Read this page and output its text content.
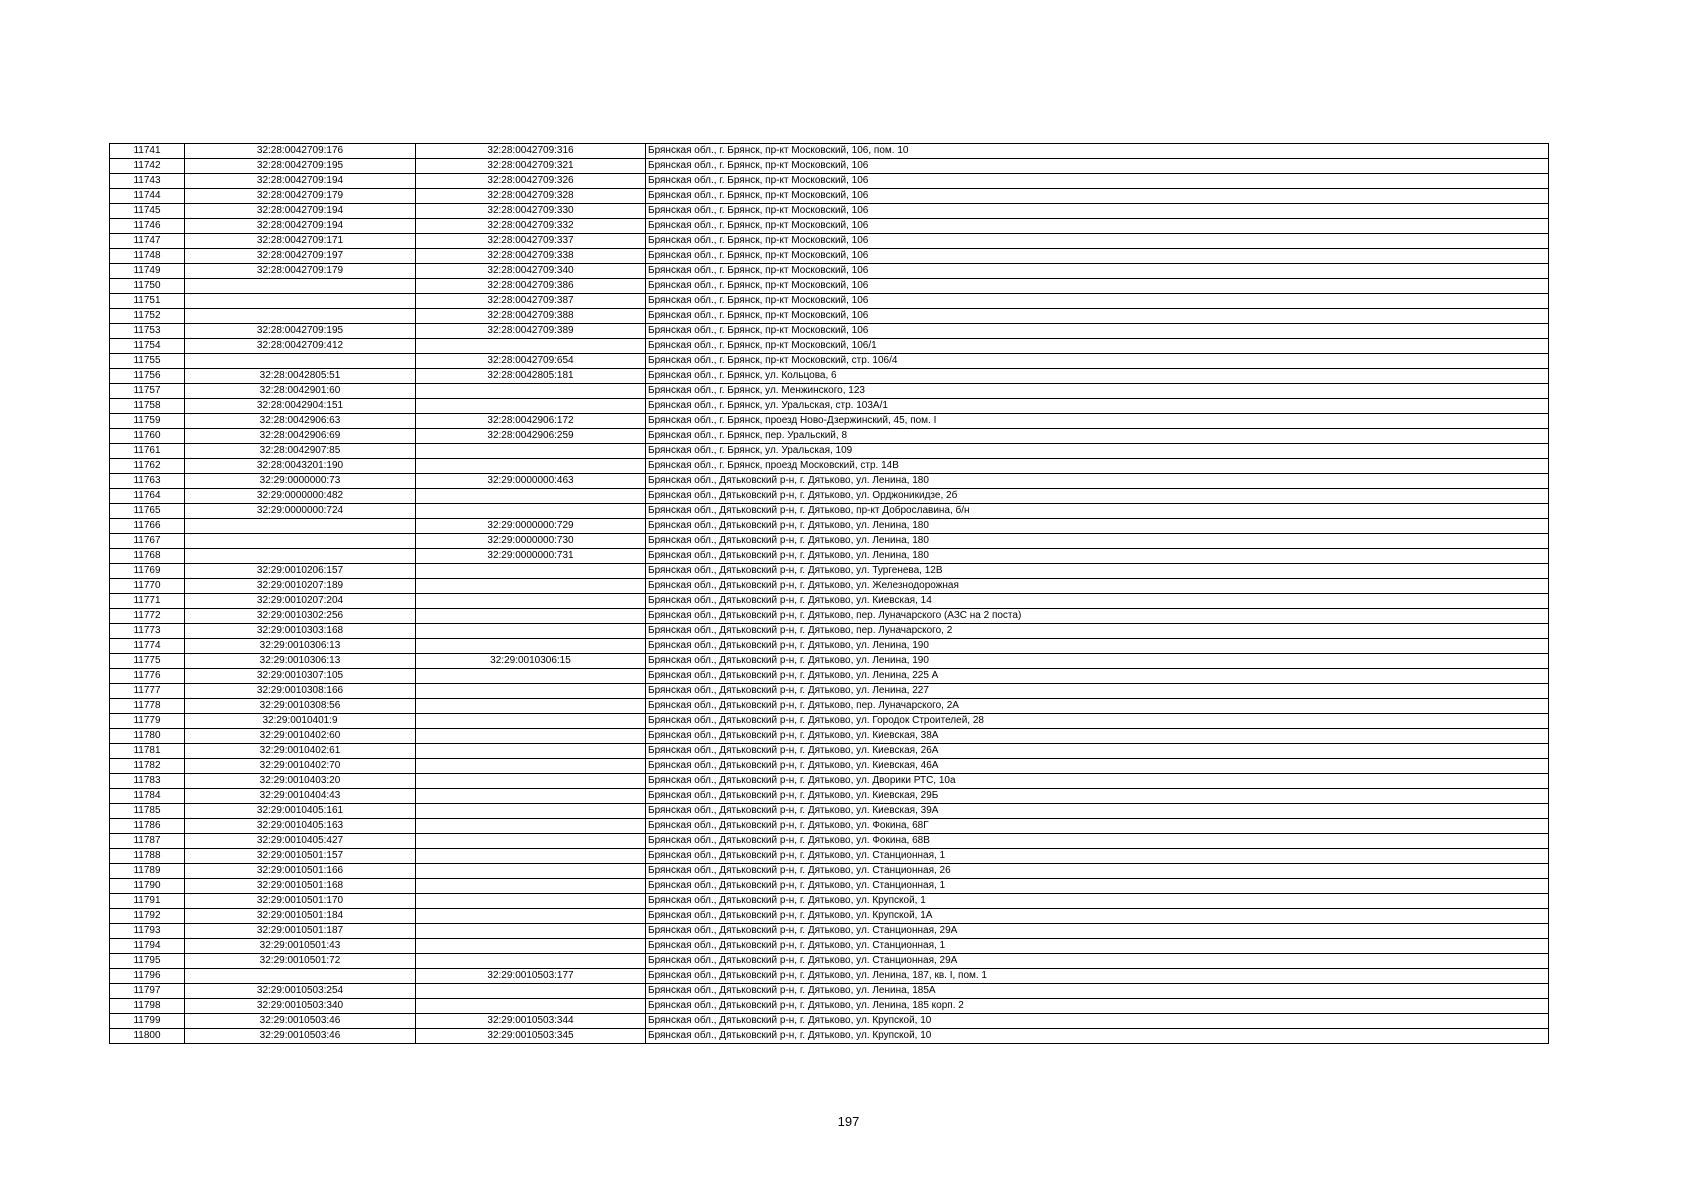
11741	32:28:0042709:176	32:28:0042709:316	Брянская обл., г. Брянск, пр-кт Московский, 106, пом. 10
11742	32:28:0042709:195	32:28:0042709:321	Брянская обл., г. Брянск, пр-кт Московский, 106
11743	32:28:0042709:194	32:28:0042709:326	Брянская обл., г. Брянск, пр-кт Московский, 106
11744	32:28:0042709:179	32:28:0042709:328	Брянская обл., г. Брянск, пр-кт Московский, 106
11745	32:28:0042709:194	32:28:0042709:330	Брянская обл., г. Брянск, пр-кт Московский, 106
11746	32:28:0042709:194	32:28:0042709:332	Брянская обл., г. Брянск, пр-кт Московский, 106
11747	32:28:0042709:171	32:28:0042709:337	Брянская обл., г. Брянск, пр-кт Московский, 106
11748	32:28:0042709:197	32:28:0042709:338	Брянская обл., г. Брянск, пр-кт Московский, 106
11749	32:28:0042709:179	32:28:0042709:340	Брянская обл., г. Брянск, пр-кт Московский, 106
11750		32:28:0042709:386	Брянская обл., г. Брянск, пр-кт Московский, 106
11751		32:28:0042709:387	Брянская обл., г. Брянск, пр-кт Московский, 106
11752		32:28:0042709:388	Брянская обл., г. Брянск, пр-кт Московский, 106
11753	32:28:0042709:195	32:28:0042709:389	Брянская обл., г. Брянск, пр-кт Московский, 106
11754	32:28:0042709:412		Брянская обл., г. Брянск, пр-кт Московский, 106/1
11755		32:28:0042709:654	Брянская обл., г. Брянск, пр-кт Московский, стр. 106/4
11756	32:28:0042805:51	32:28:0042805:181	Брянская обл., г. Брянск, ул. Кольцова, 6
11757	32:28:0042901:60		Брянская обл., г. Брянск, ул. Менжинского, 123
11758	32:28:0042904:151		Брянская обл., г. Брянск, ул. Уральская, стр. 103А/1
11759	32:28:0042906:63	32:28:0042906:172	Брянская обл., г. Брянск, проезд Ново-Дзержинский, 45, пом. I
11760	32:28:0042906:69	32:28:0042906:259	Брянская обл., г. Брянск, пер. Уральский, 8
11761	32:28:0042907:85		Брянская обл., г. Брянск, ул. Уральская, 109
11762	32:28:0043201:190		Брянская обл., г. Брянск, проезд Московский, стр. 14В
11763	32:29:0000000:73	32:29:0000000:463	Брянская обл., Дятьковский р-н, г. Дятьково, ул. Ленина, 180
11764	32:29:0000000:482		Брянская обл., Дятьковский р-н, г. Дятьково, ул. Орджоникидзе, 2б
11765	32:29:0000000:724		Брянская обл., Дятьковский р-н, г. Дятьково, пр-кт Доброславина, б/н
11766		32:29:0000000:729	Брянская обл., Дятьковский р-н, г. Дятьково, ул. Ленина, 180
11767		32:29:0000000:730	Брянская обл., Дятьковский р-н, г. Дятьково, ул. Ленина, 180
11768		32:29:0000000:731	Брянская обл., Дятьковский р-н, г. Дятьково, ул. Ленина, 180
11769	32:29:0010206:157		Брянская обл., Дятьковский р-н, г. Дятьково, ул. Тургенева, 12В
11770	32:29:0010207:189		Брянская обл., Дятьковский р-н, г. Дятьково, ул. Железнодорожная
11771	32:29:0010207:204		Брянская обл., Дятьковский р-н, г. Дятьково, ул. Киевская, 14
11772	32:29:0010302:256		Брянская обл., Дятьковский р-н, г. Дятьково, пер. Луначарского (АЗС на 2 поста)
11773	32:29:0010303:168		Брянская обл., Дятьковский р-н, г. Дятьково, пер. Луначарского, 2
11774	32:29:0010306:13		Брянская обл., Дятьковский р-н, г. Дятьково, ул. Ленина, 190
11775	32:29:0010306:13	32:29:0010306:15	Брянская обл., Дятьковский р-н, г. Дятьково, ул. Ленина, 190
11776	32:29:0010307:105		Брянская обл., Дятьковский р-н, г. Дятьково, ул. Ленина, 225 А
11777	32:29:0010308:166		Брянская обл., Дятьковский р-н, г. Дятьково, ул. Ленина, 227
11778	32:29:0010308:56		Брянская обл., Дятьковский р-н, г. Дятьково, пер. Луначарского, 2А
11779	32:29:0010401:9		Брянская обл., Дятьковский р-н, г. Дятьково, ул. Городок Строителей, 28
11780	32:29:0010402:60		Брянская обл., Дятьковский р-н, г. Дятьково, ул. Киевская, 38А
11781	32:29:0010402:61		Брянская обл., Дятьковский р-н, г. Дятьково, ул. Киевская, 26А
11782	32:29:0010402:70		Брянская обл., Дятьковский р-н, г. Дятьково, ул. Киевская, 46А
11783	32:29:0010403:20		Брянская обл., Дятьковский р-н, г. Дятьково, ул. Дворики РТС, 10а
11784	32:29:0010404:43		Брянская обл., Дятьковский р-н, г. Дятьково, ул. Киевская, 29Б
11785	32:29:0010405:161		Брянская обл., Дятьковский р-н, г. Дятьково, ул. Киевская, 39А
11786	32:29:0010405:163		Брянская обл., Дятьковский р-н, г. Дятьково, ул. Фокина, 68Г
11787	32:29:0010405:427		Брянская обл., Дятьковский р-н, г. Дятьково, ул. Фокина, 68В
11788	32:29:0010501:157		Брянская обл., Дятьковский р-н, г. Дятьково, ул. Станционная, 1
11789	32:29:0010501:166		Брянская обл., Дятьковский р-н, г. Дятьково, ул. Станционная, 26
11790	32:29:0010501:168		Брянская обл., Дятьковский р-н, г. Дятьково, ул. Станционная, 1
11791	32:29:0010501:170		Брянская обл., Дятьковский р-н, г. Дятьково, ул. Крупской, 1
11792	32:29:0010501:184		Брянская обл., Дятьковский р-н, г. Дятьково, ул. Крупской, 1А
11793	32:29:0010501:187		Брянская обл., Дятьковский р-н, г. Дятьково, ул. Станционная, 29А
11794	32:29:0010501:43		Брянская обл., Дятьковский р-н, г. Дятьково, ул. Станционная, 1
11795	32:29:0010501:72		Брянская обл., Дятьковский р-н, г. Дятьково, ул. Станционная, 29А
11796		32:29:0010503:177	Брянская обл., Дятьковский р-н, г. Дятьково, ул. Ленина, 187, кв. I, пом. 1
11797	32:29:0010503:254		Брянская обл., Дятьковский р-н, г. Дятьково, ул. Ленина, 185А
11798	32:29:0010503:340		Брянская обл., Дятьковский р-н, г. Дятьково, ул. Ленина, 185 корп. 2
11799	32:29:0010503:46	32:29:0010503:344	Брянская обл., Дятьковский р-н, г. Дятьково, ул. Крупской, 10
11800	32:29:0010503:46	32:29:0010503:345	Брянская обл., Дятьковский р-н, г. Дятьково, ул. Крупской, 10
197
